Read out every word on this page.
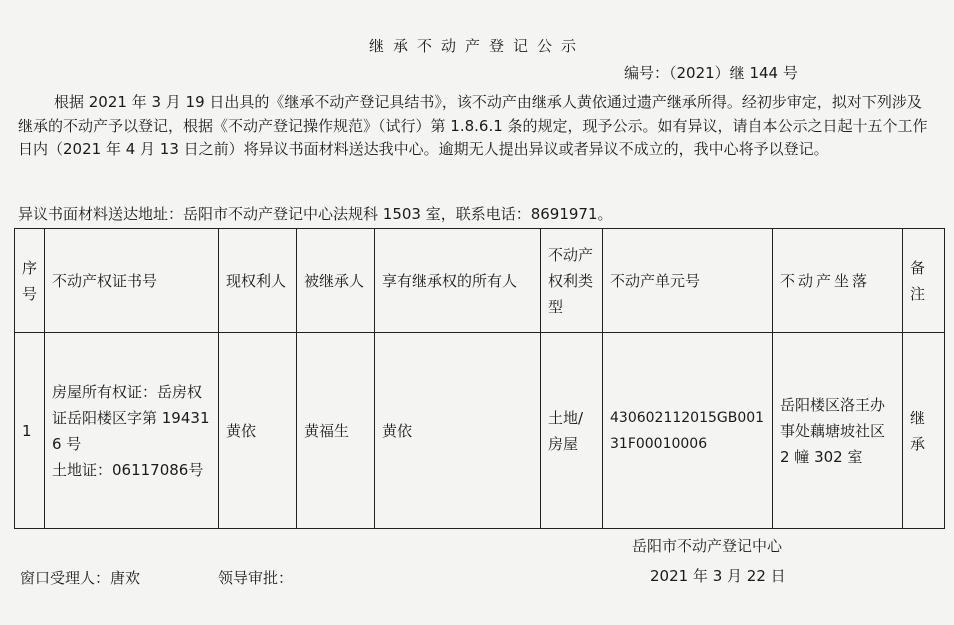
继承不动产登记公示
编号：（2021）继 144 号
根据 2021 年 3 月 19 日出具的《继承不动产登记具结书》，该不动产由继承人黄依通过遗产继承所得。经初步审定，拟对下列涉及继承的不动产予以登记，根据《不动产登记操作规范》（试行）第 1.8.6.1 条的规定，现予公示。如有异议，请自本公示之日起十五个工作日内（2021 年 4 月 13 日之前）将异议书面材料送达我中心。逾期无人提出异议或者异议不成立的，我中心将予以登记。
异议书面材料送达地址：岳阳市不动产登记中心法规科 1503 室，联系电话：8691971。
序号	不动产权证书号	现权利人	被继承人	享有继承权的所有人	不动产权利类型	不动产单元号	不动产坐落	备注
1	房屋所有权证：岳房权证岳阳楼区字第 194316 号
土地证：06117086号	黄依	黄福生	黄依	土地/房屋	430602112015GB00131F00010006	岳阳楼区洛王办事处藕塘坡社区 2 幢 302 室	继承
岳阳市不动产登记中心
窗口受理人：唐欢	领导审批：	2021 年 3 月 22 日
